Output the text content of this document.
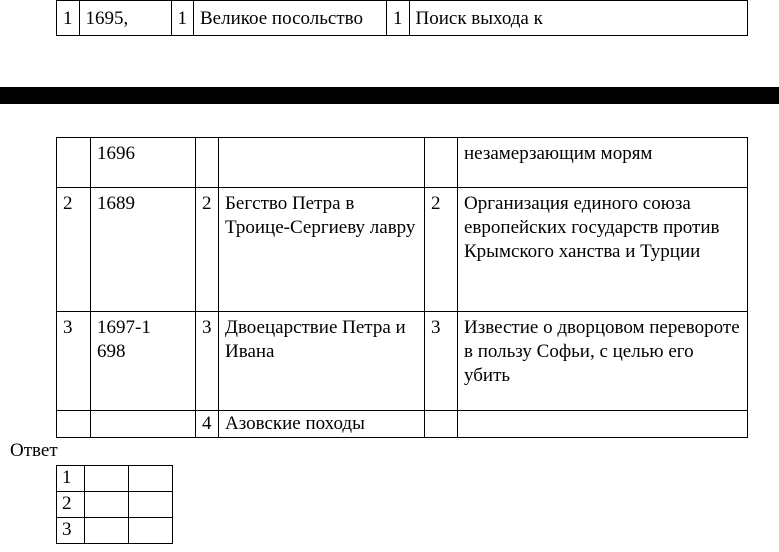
1	1695,	1	Великое посольство	1	Поиск выхода к
	1696				незамерзающим морям
2	1689	2	Бегство Петра в Троице-Сергиеву лавру	2	Организация единого союза европейских государств против Крымского ханства и Турции
3	1697-1698	3	Двоецарствие Петра и Ивана	3	Известие о дворцовом перевороте в пользу Софьи, с целью его убить
		4	Азовские походы		
Ответ
1		
2		
3		
